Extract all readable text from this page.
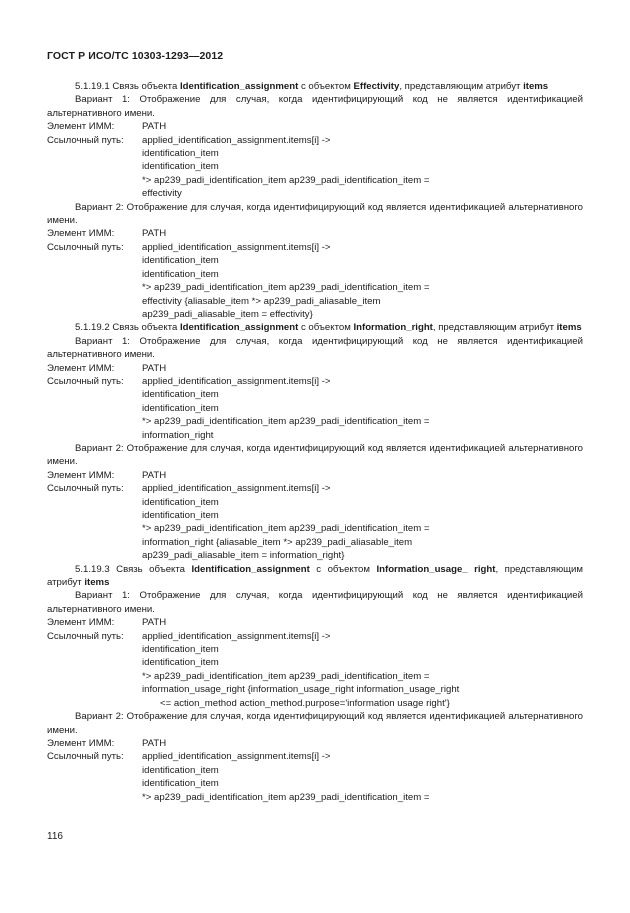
ГОСТ Р ИСО/ТС 10303-1293—2012

5.1.19.1 Связь объекта Identification_assignment с объектом Effectivity, представляющим атрибут items

Вариант 1: Отображение для случая, когда идентифицирующий код не является идентификацией альтернативного имени.

Элемент ИММ:	PATH
Ссылочный путь: applied_identification_assignment.items[i] ->
identification_item
identification_item
*> ap239_padi_identification_item ap239_padi_identification_item =
effectivity

Вариант 2: Отображение для случая, когда идентифицирующий код является идентификацией альтернативного имени.

Элемент ИММ:	PATH
Ссылочный путь: applied_identification_assignment.items[i] ->
identification_item
identification_item
*> ap239_padi_identification_item ap239_padi_identification_item =
effectivity {aliasable_item *> ap239_padi_aliasable_item
ap239_padi_aliasable_item = effectivity}

5.1.19.2 Связь объекта Identification_assignment с объектом Information_right, представляющим атрибут items

Вариант 1: Отображение для случая, когда идентифицирующий код не является идентификацией альтернативного имени.

Элемент ИММ:	PATH
Ссылочный путь: applied_identification_assignment.items[i] ->
identification_item
identification_item
*> ap239_padi_identification_item ap239_padi_identification_item =
information_right

Вариант 2: Отображение для случая, когда идентифицирующий код является идентификацией альтернативного имени.

Элемент ИММ:	PATH
Ссылочный путь: applied_identification_assignment.items[i] ->
identification_item
identification_item
*> ap239_padi_identification_item ap239_padi_identification_item =
information_right {aliasable_item *> ap239_padi_aliasable_item
ap239_padi_aliasable_item = information_right}

5.1.19.3 Связь объекта Identification_assignment с объектом Information_usage_ right, представляющим атрибут items

Вариант 1: Отображение для случая, когда идентифицирующий код не является идентификацией альтернативного имени.

Элемент ИММ:	PATH
Ссылочный путь: applied_identification_assignment.items[i] ->
identification_item
identification_item
*> ap239_padi_identification_item ap239_padi_identification_item =
information_usage_right {information_usage_right information_usage_right
<= action_method action_method.purpose='information usage right'}

Вариант 2: Отображение для случая, когда идентифицирующий код является идентификацией альтернативного имени.

Элемент ИММ:	PATH
Ссылочный путь: applied_identification_assignment.items[i] ->
identification_item
identification_item
*> ap239_padi_identification_item ap239_padi_identification_item =
116
